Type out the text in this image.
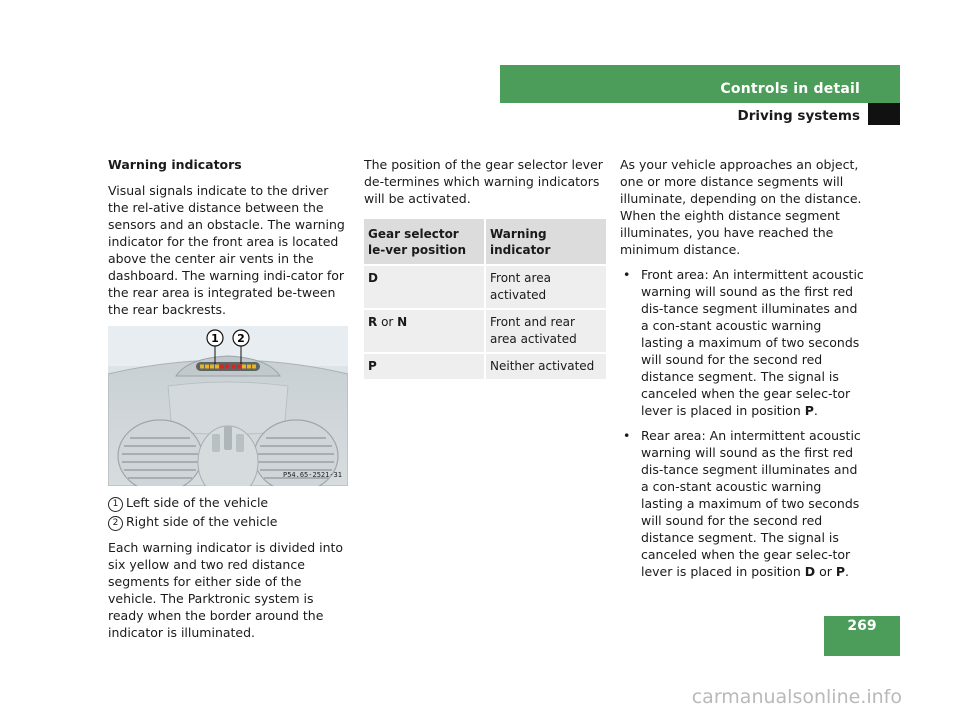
Controls in detail
Driving systems
Warning indicators

Visual signals indicate to the driver the rel-ative distance between the sensors and an obstacle. The warning indicator for the front area is located above the center air vents in the dashboard. The warning indi-cator for the rear area is integrated be-tween the rear backrests.

1 2
P54.65-2521-31
1 Left side of the vehicle
2 Right side of the vehicle

Each warning indicator is divided into six yellow and two red distance segments for either side of the vehicle. The Parktronic system is ready when the border around the indicator is illuminated.

The position of the gear selector lever de-termines which warning indicators will be activated.

Gear selector le-ver position	Warning indicator
D	Front area activated
R or N	Front and rear area activated
P	Neither activated

As your vehicle approaches an object, one or more distance segments will illuminate, depending on the distance. When the eighth distance segment illuminates, you have reached the minimum distance.

• Front area: An intermittent acoustic warning will sound as the first red dis-tance segment illuminates and a con-stant acoustic warning lasting a maximum of two seconds will sound for the second red distance segment. The signal is canceled when the gear selec-tor lever is placed in position P.
• Rear area: An intermittent acoustic warning will sound as the first red dis-tance segment illuminates and a con-stant acoustic warning lasting a maximum of two seconds will sound for the second red distance segment. The signal is canceled when the gear selec-tor lever is placed in position D or P.
269
carmanualsonline.info
